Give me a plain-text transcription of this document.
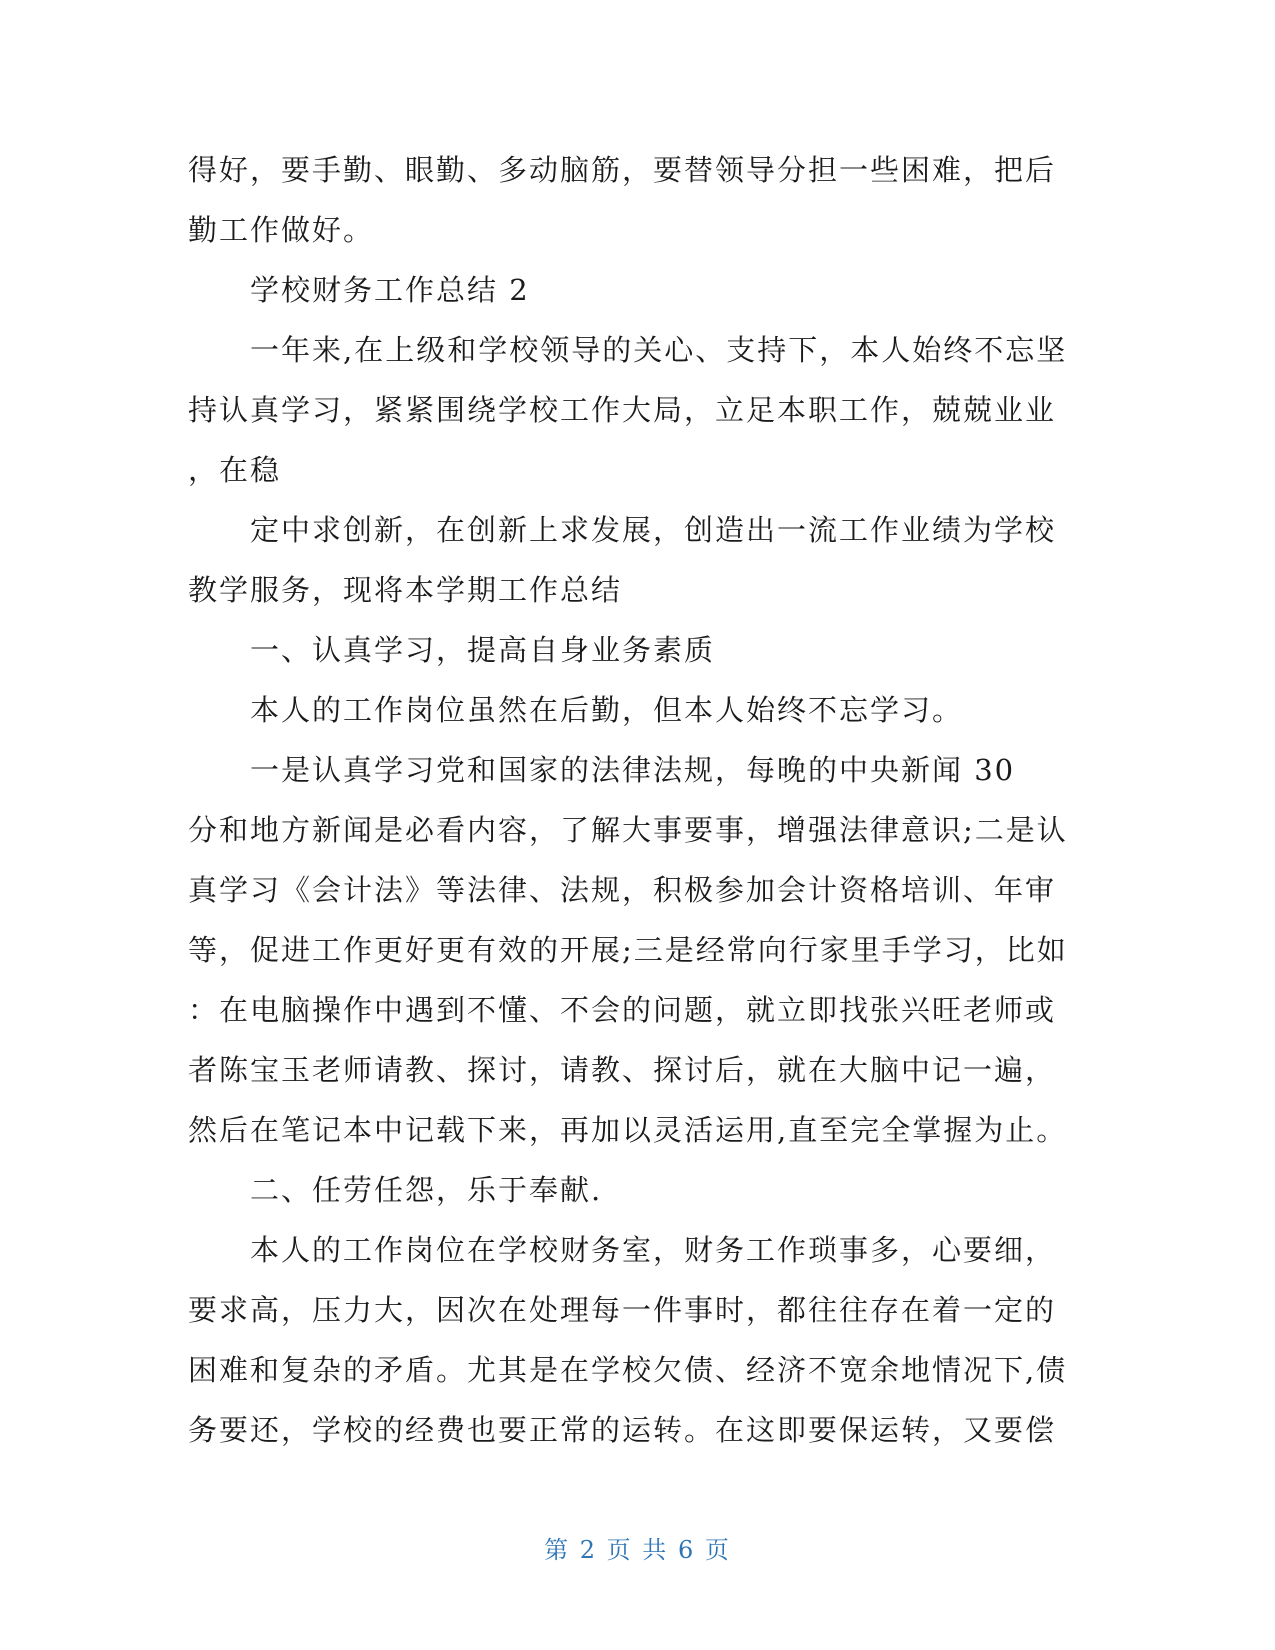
得好，要手勤、眼勤、多动脑筋，要替领导分担一些困难，把后
勤工作做好。
学校财务工作总结 2
一年来,在上级和学校领导的关心、支持下，本人始终不忘坚
持认真学习，紧紧围绕学校工作大局，立足本职工作，兢兢业业
，在稳
定中求创新，在创新上求发展，创造出一流工作业绩为学校
教学服务，现将本学期工作总结
一、认真学习，提高自身业务素质
本人的工作岗位虽然在后勤，但本人始终不忘学习。
一是认真学习党和国家的法律法规，每晚的中央新闻 30
分和地方新闻是必看内容，了解大事要事，增强法律意识;二是认
真学习《会计法》等法律、法规，积极参加会计资格培训、年审
等，促进工作更好更有效的开展;三是经常向行家里手学习，比如
：在电脑操作中遇到不懂、不会的问题，就立即找张兴旺老师或
者陈宝玉老师请教、探讨，请教、探讨后，就在大脑中记一遍，
然后在笔记本中记载下来，再加以灵活运用,直至完全掌握为止。
二、任劳任怨，乐于奉献.
本人的工作岗位在学校财务室，财务工作琐事多，心要细，
要求高，压力大，因次在处理每一件事时，都往往存在着一定的
困难和复杂的矛盾。尤其是在学校欠债、经济不宽余地情况下,债
务要还，学校的经费也要正常的运转。在这即要保运转，又要偿
第 2 页 共 6 页
